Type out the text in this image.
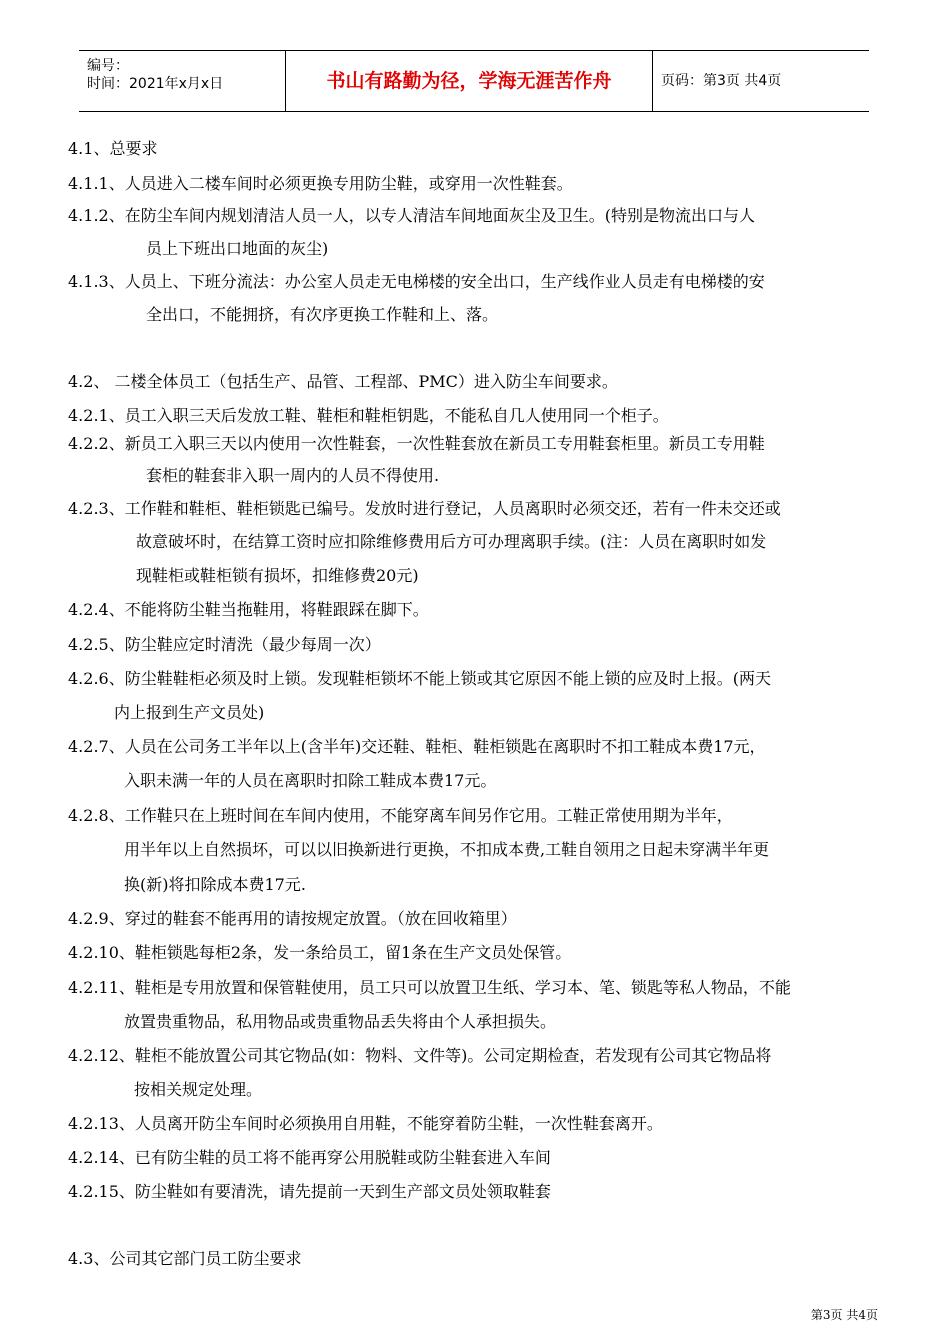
编号：
时间：2021年x月x日	书山有路勤为径，学海无涯苦作舟	页码：第3页 共4页
4.1、总要求
4.1.1、人员进入二楼车间时必须更换专用防尘鞋，或穿用一次性鞋套。
4.1.2、在防尘车间内规划清洁人员一人，以专人清洁车间地面灰尘及卫生。(特别是物流出口与人
员上下班出口地面的灰尘)
4.1.3、人员上、下班分流法：办公室人员走无电梯楼的安全出口，生产线作业人员走有电梯楼的安
全出口，不能拥挤，有次序更换工作鞋和上、落。
4.2、 二楼全体员工（包括生产、品管、工程部、PMC）进入防尘车间要求。
4.2.1、员工入职三天后发放工鞋、鞋柜和鞋柜钥匙，不能私自几人使用同一个柜子。
4.2.2、新员工入职三天以内使用一次性鞋套，一次性鞋套放在新员工专用鞋套柜里。新员工专用鞋
套柜的鞋套非入职一周内的人员不得使用.
4.2.3、工作鞋和鞋柜、鞋柜锁匙已编号。发放时进行登记，人员离职时必须交还，若有一件未交还或
故意破坏时，在结算工资时应扣除维修费用后方可办理离职手续。(注：人员在离职时如发
现鞋柜或鞋柜锁有损坏，扣维修费20元)
4.2.4、不能将防尘鞋当拖鞋用，将鞋跟踩在脚下。
4.2.5、防尘鞋应定时清洗（最少每周一次）
4.2.6、防尘鞋鞋柜必须及时上锁。发现鞋柜锁坏不能上锁或其它原因不能上锁的应及时上报。(两天
内上报到生产文员处)
4.2.7、人员在公司务工半年以上(含半年)交还鞋、鞋柜、鞋柜锁匙在离职时不扣工鞋成本费17元，
入职未满一年的人员在离职时扣除工鞋成本费17元。
4.2.8、工作鞋只在上班时间在车间内使用，不能穿离车间另作它用。工鞋正常使用期为半年，
用半年以上自然损坏，可以以旧换新进行更换，不扣成本费,工鞋自领用之日起未穿满半年更
换(新)将扣除成本费17元.
4.2.9、穿过的鞋套不能再用的请按规定放置。（放在回收箱里）
4.2.10、鞋柜锁匙每柜2条，发一条给员工，留1条在生产文员处保管。
4.2.11、鞋柜是专用放置和保管鞋使用，员工只可以放置卫生纸、学习本、笔、锁匙等私人物品，不能
放置贵重物品，私用物品或贵重物品丢失将由个人承担损失。
4.2.12、鞋柜不能放置公司其它物品(如：物料、文件等)。公司定期检查，若发现有公司其它物品将
按相关规定处理。
4.2.13、人员离开防尘车间时必须换用自用鞋，不能穿着防尘鞋，一次性鞋套离开。
4.2.14、已有防尘鞋的员工将不能再穿公用脱鞋或防尘鞋套进入车间
4.2.15、防尘鞋如有要清洗，请先提前一天到生产部文员处领取鞋套
4.3、公司其它部门员工防尘要求
第3页 共4页
